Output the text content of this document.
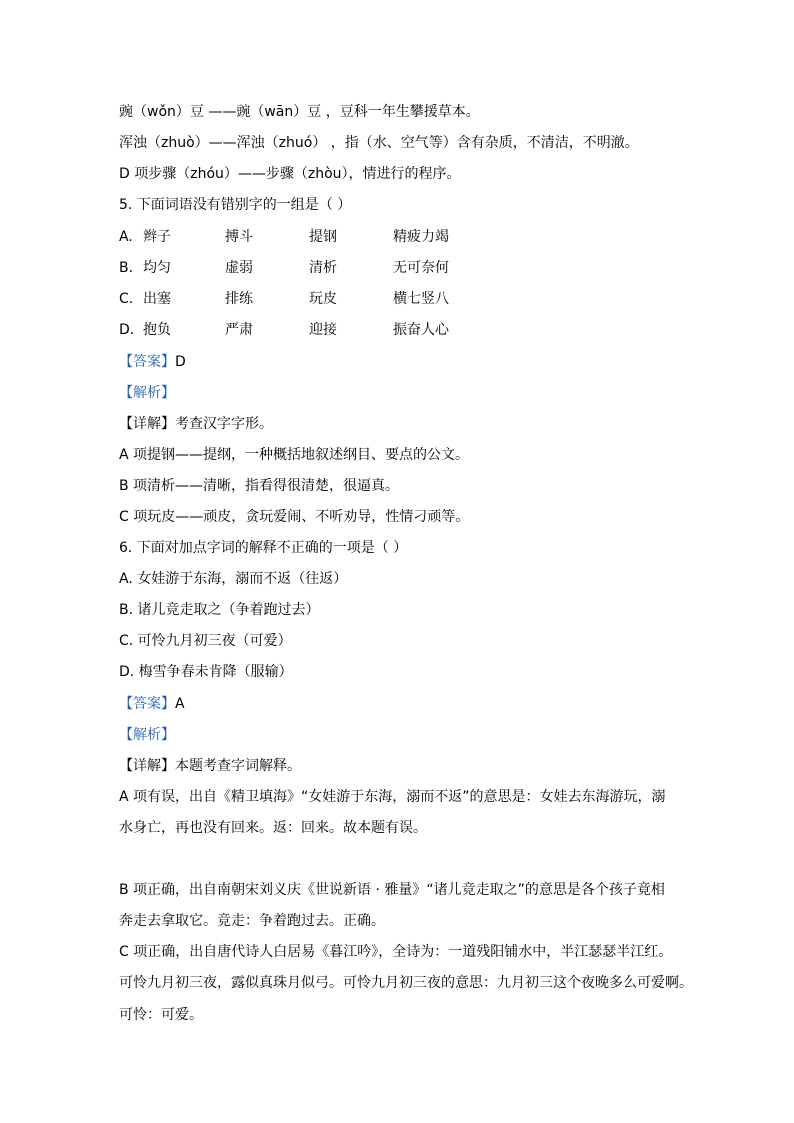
豌（wǒn）豆 ——豌（wān）豆 ，豆科一年生攀援草本。
浑浊（zhuò）——浑浊（zhuó） ，指（水、空气等）含有杂质，不清洁，不明澈。
D 项步骤（zhóu）——步骤（zhòu），情进行的程序。
5. 下面词语没有错别字的一组是（ ）
A. 辫子	搏斗	提钢	精疲力竭
B. 均匀	虚弱	清析	无可奈何
C. 出塞	排练	玩皮	横七竖八
D. 抱负	严肃	迎接	振奋人心
【答案】D
【解析】
【详解】考查汉字字形。
A 项提钢——提纲，一种概括地叙述纲目、要点的公文。
B 项清析——清晰，指看得很清楚，很逼真。
C 项玩皮——顽皮，贪玩爱闹、不听劝导，性情刁顽等。
6. 下面对加点字词的解释不正确的一项是（ ）
A. 女娃游于东海，溺而不返（往返）
B. 诸儿竞走取之（争着跑过去）
C. 可怜九月初三夜（可爱）
D. 梅雪争春未肯降（服输）
【答案】A
【解析】
【详解】本题考查字词解释。
A 项有误，出自《精卫填海》“女娃游于东海，溺而不返”的意思是：女娃去东海游玩，溺
水身亡，再也没有回来。返：回来。故本题有误。
B 项正确，出自南朝宋刘义庆《世说新语 · 雅量》“诸儿竞走取之”的意思是各个孩子竟相
奔走去拿取它。竞走：争着跑过去。正确。
C 项正确，出自唐代诗人白居易《暮江吟》，全诗为：一道残阳铺水中，半江瑟瑟半江红。
可怜九月初三夜，露似真珠月似弓。可怜九月初三夜的意思：九月初三这个夜晚多么可爱啊。
可怜：可爱。
